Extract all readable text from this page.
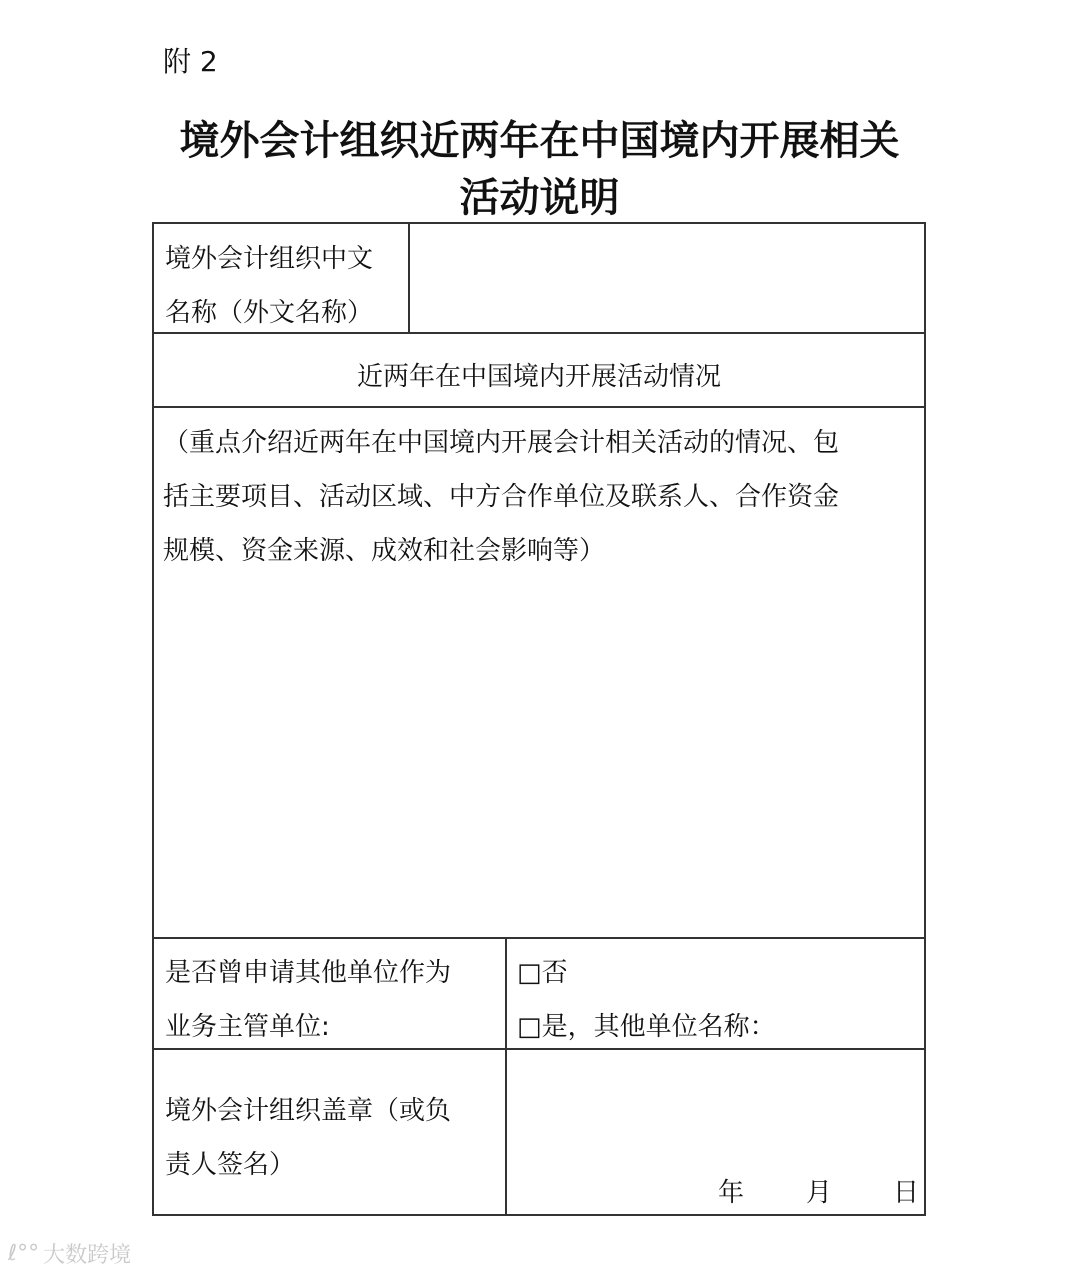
附 2
境外会计组织近两年在中国境内开展相关
活动说明
境外会计组织中文
名称（外文名称）
近两年在中国境内开展活动情况
（重点介绍近两年在中国境内开展会计相关活动的情况、包
括主要项目、活动区域、中方合作单位及联系人、合作资金
规模、资金来源、成效和社会影响等）
是否曾申请其他单位作为
业务主管单位:
□否
□是，其他单位名称：
境外会计组织盖章（或负
责人签名）
年 月 日
ℓ°° 大数跨境
